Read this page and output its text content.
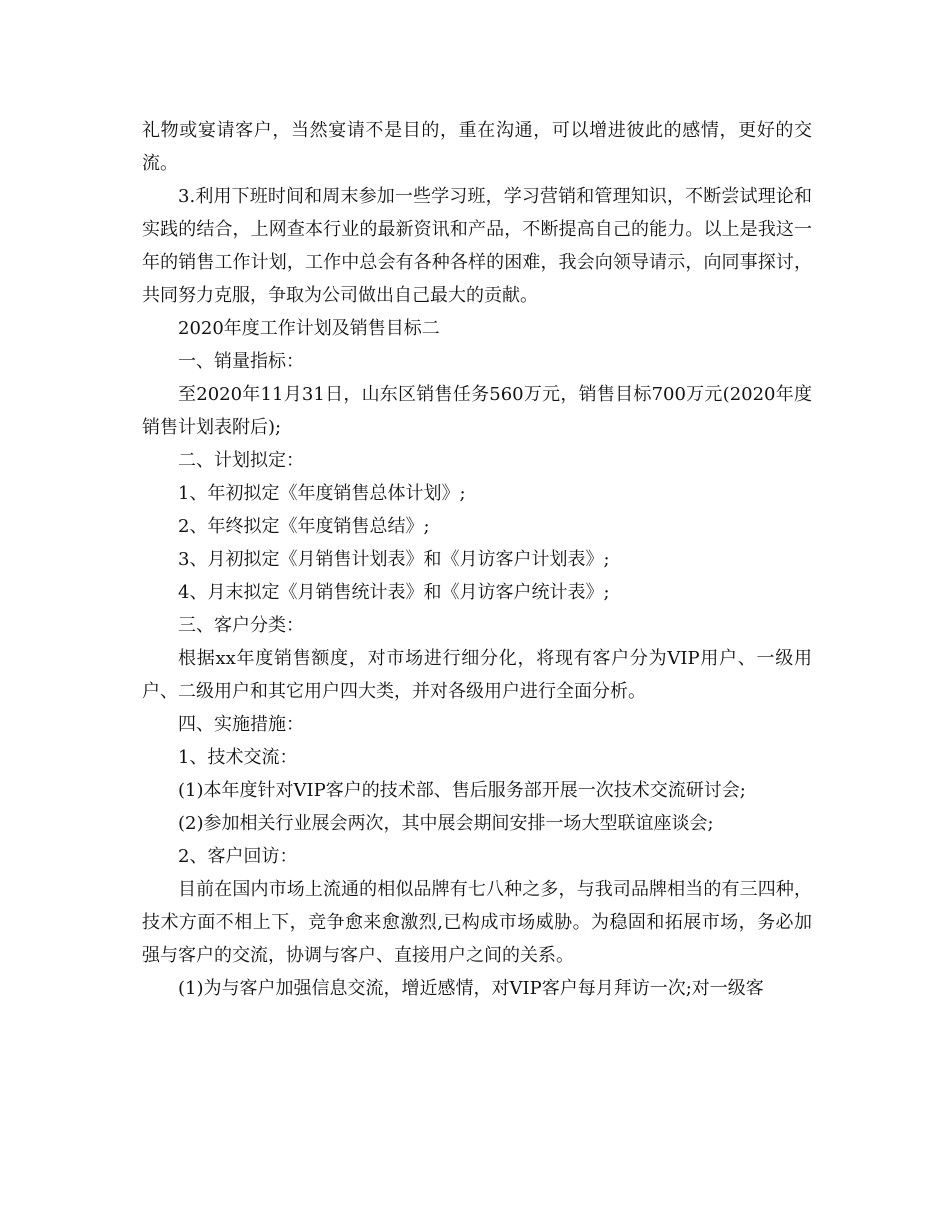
礼物或宴请客户，当然宴请不是目的，重在沟通，可以增进彼此的感情，更好的交流。

3.利用下班时间和周末参加一些学习班，学习营销和管理知识，不断尝试理论和实践的结合，上网查本行业的最新资讯和产品，不断提高自己的能力。以上是我这一年的销售工作计划，工作中总会有各种各样的困难，我会向领导请示，向同事探讨，共同努力克服，争取为公司做出自己最大的贡献。

2020年度工作计划及销售目标二

一、销量指标：

至2020年11月31日，山东区销售任务560万元，销售目标700万元(2020年度销售计划表附后);

二、计划拟定：

1、年初拟定《年度销售总体计划》;

2、年终拟定《年度销售总结》;

3、月初拟定《月销售计划表》和《月访客户计划表》;

4、月末拟定《月销售统计表》和《月访客户统计表》;

三、客户分类：

根据xx年度销售额度，对市场进行细分化，将现有客户分为VIP用户、一级用户、二级用户和其它用户四大类，并对各级用户进行全面分析。

四、实施措施：

1、技术交流：

(1)本年度针对VIP客户的技术部、售后服务部开展一次技术交流研讨会;

(2)参加相关行业展会两次，其中展会期间安排一场大型联谊座谈会;

2、客户回访：

目前在国内市场上流通的相似品牌有七八种之多，与我司品牌相当的有三四种，技术方面不相上下，竞争愈来愈激烈,已构成市场威胁。为稳固和拓展市场，务必加强与客户的交流，协调与客户、直接用户之间的关系。

(1)为与客户加强信息交流，增近感情，对VIP客户每月拜访一次;对一级客
